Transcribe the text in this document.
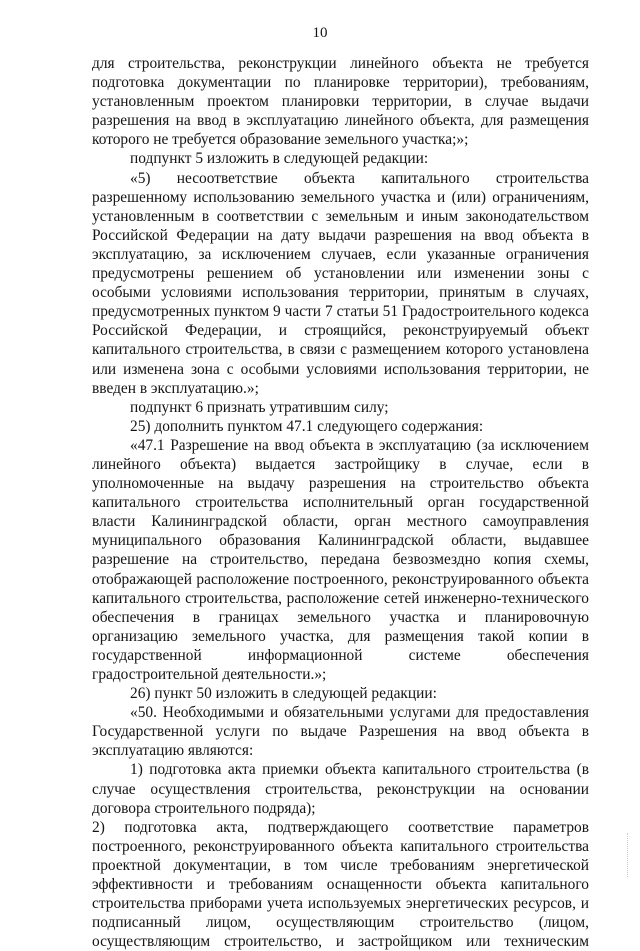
10

для строительства, реконструкции линейного объекта не требуется подготовка документации по планировке территории), требованиям, установленным проектом планировки территории, в случае выдачи разрешения на ввод в эксплуатацию линейного объекта, для размещения которого не требуется образование земельного участка;»;

подпункт 5 изложить в следующей редакции:

«5) несоответствие объекта капитального строительства разрешенному использованию земельного участка и (или) ограничениям, установленным в соответствии с земельным и иным законодательством Российской Федерации на дату выдачи разрешения на ввод объекта в эксплуатацию, за исключением случаев, если указанные ограничения предусмотрены решением об установлении или изменении зоны с особыми условиями использования территории, принятым в случаях, предусмотренных пунктом 9 части 7 статьи 51 Градостроительного кодекса Российской Федерации, и строящийся, реконструируемый объект капитального строительства, в связи с размещением которого установлена или изменена зона с особыми условиями использования территории, не введен в эксплуатацию.»;

подпункт 6 признать утратившим силу;

25) дополнить пунктом 47.1 следующего содержания:

«47.1 Разрешение на ввод объекта в эксплуатацию (за исключением линейного объекта) выдается застройщику в случае, если в уполномоченные на выдачу разрешения на строительство объекта капитального строительства исполнительный орган государственной власти Калининградской области, орган местного самоуправления муниципального образования Калининградской области, выдавшее разрешение на строительство, передана безвозмездно копия схемы, отображающей расположение построенного, реконструированного объекта капитального строительства, расположение сетей инженерно-технического обеспечения в границах земельного участка и планировочную организацию земельного участка, для размещения такой копии в государственной информационной системе обеспечения градостроительной деятельности.»;

26) пункт 50 изложить в следующей редакции:

«50. Необходимыми и обязательными услугами для предоставления Государственной услуги по выдаче Разрешения на ввод объекта в эксплуатацию являются:

1) подготовка акта приемки объекта капитального строительства (в случае осуществления строительства, реконструкции на основании договора строительного подряда);

2) подготовка акта, подтверждающего соответствие параметров построенного, реконструированного объекта капитального строительства проектной документации, в том числе требованиям энергетической эффективности и требованиям оснащенности объекта капитального строительства приборами учета используемых энергетических ресурсов, и подписанный лицом, осуществляющим строительство (лицом, осуществляющим строительство, и застройщиком или техническим
